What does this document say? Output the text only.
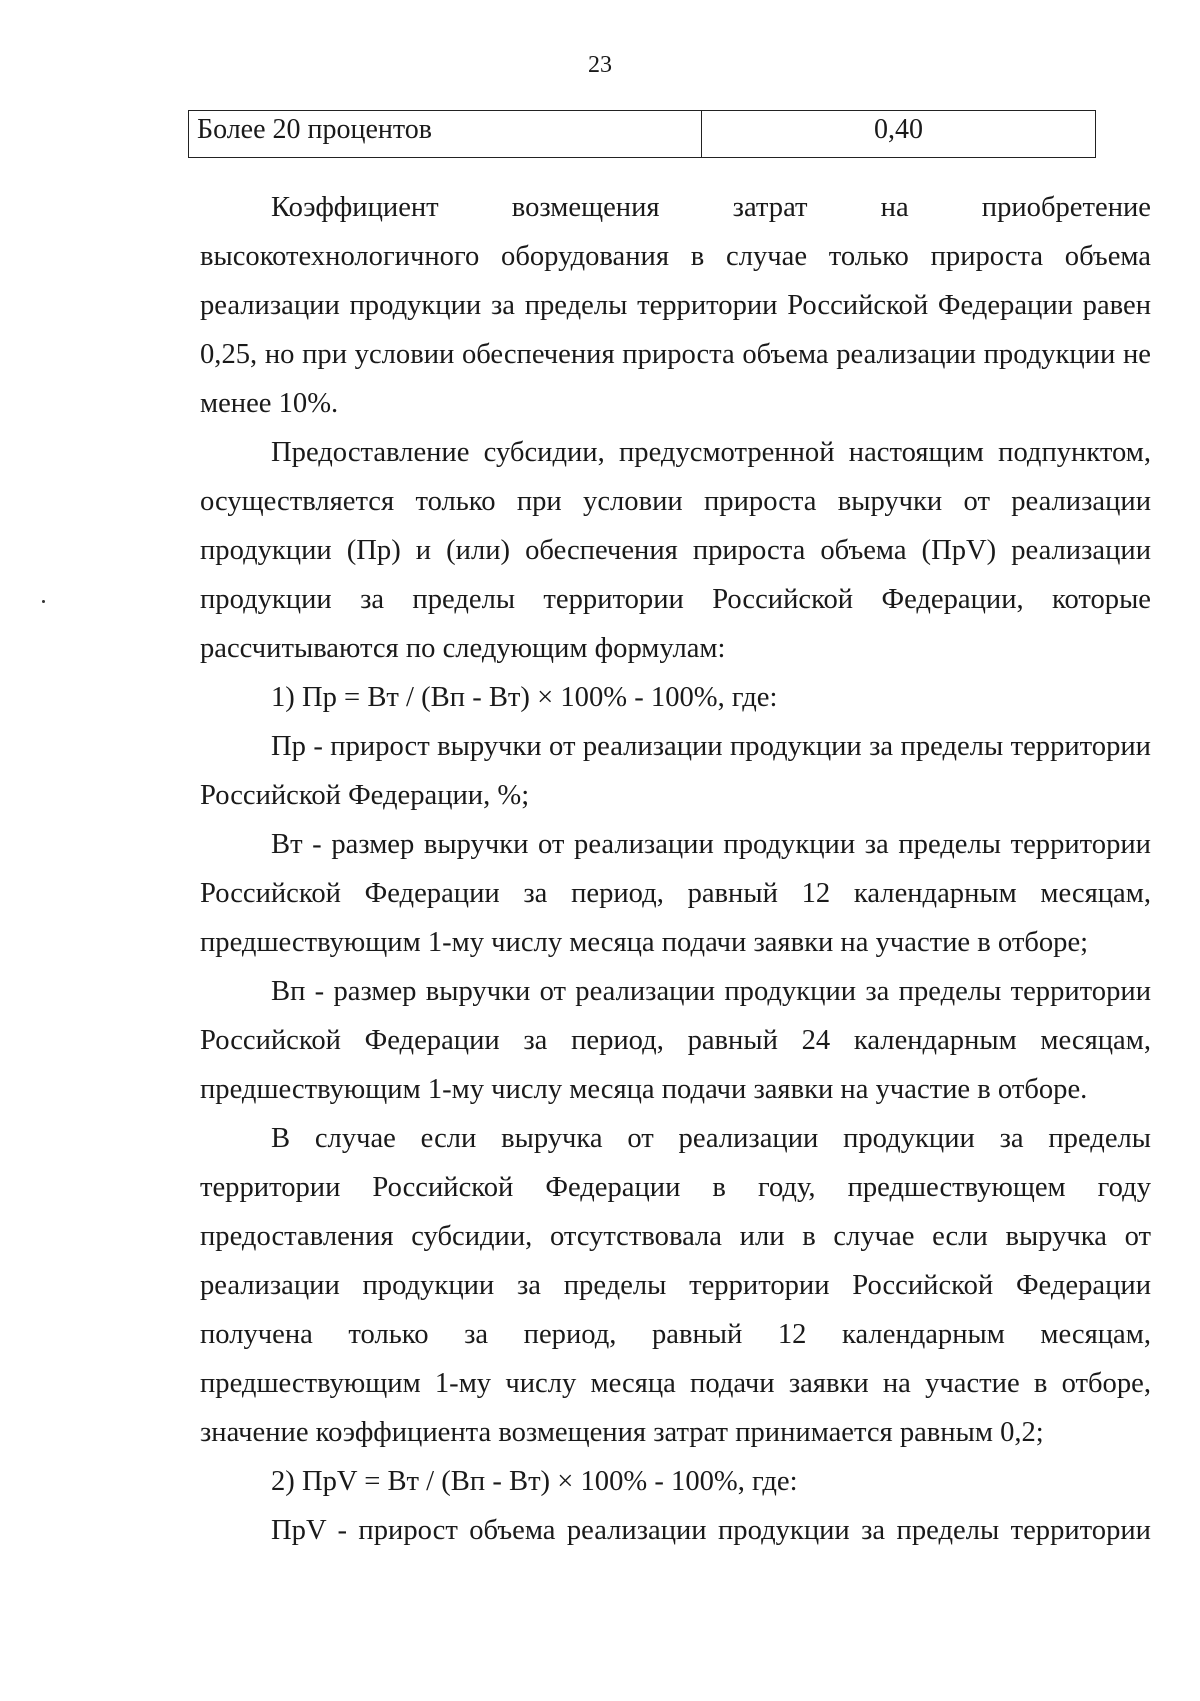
23
Более 20 процентов	0,40
Коэффициент возмещения затрат на приобретение
высокотехнологичного оборудования в случае только прироста объема
реализации продукции за пределы территории Российской Федерации равен
0,25, но при условии обеспечения прироста объема реализации продукции не
менее 10%.
Предоставление субсидии, предусмотренной настоящим подпунктом,
осуществляется только при условии прироста выручки от реализации
продукции (Пр) и (или) обеспечения прироста объема (ПрV) реализации
продукции за пределы территории Российской Федерации, которые
рассчитываются по следующим формулам:
1) Пр = Вт / (Вп - Вт) × 100% - 100%, где:
Пр - прирост выручки от реализации продукции за пределы территории
Российской Федерации, %;
Вт - размер выручки от реализации продукции за пределы территории
Российской Федерации за период, равный 12 календарным месяцам,
предшествующим 1-му числу месяца подачи заявки на участие в отборе;
Вп - размер выручки от реализации продукции за пределы территории
Российской Федерации за период, равный 24 календарным месяцам,
предшествующим 1-му числу месяца подачи заявки на участие в отборе.
В случае если выручка от реализации продукции за пределы
территории Российской Федерации в году, предшествующем году
предоставления субсидии, отсутствовала или в случае если выручка от
реализации продукции за пределы территории Российской Федерации
получена только за период, равный 12 календарным месяцам,
предшествующим 1-му числу месяца подачи заявки на участие в отборе,
значение коэффициента возмещения затрат принимается равным 0,2;
2) ПрV = Вт / (Вп - Вт) × 100% - 100%, где:
ПрV - прирост объема реализации продукции за пределы территории
